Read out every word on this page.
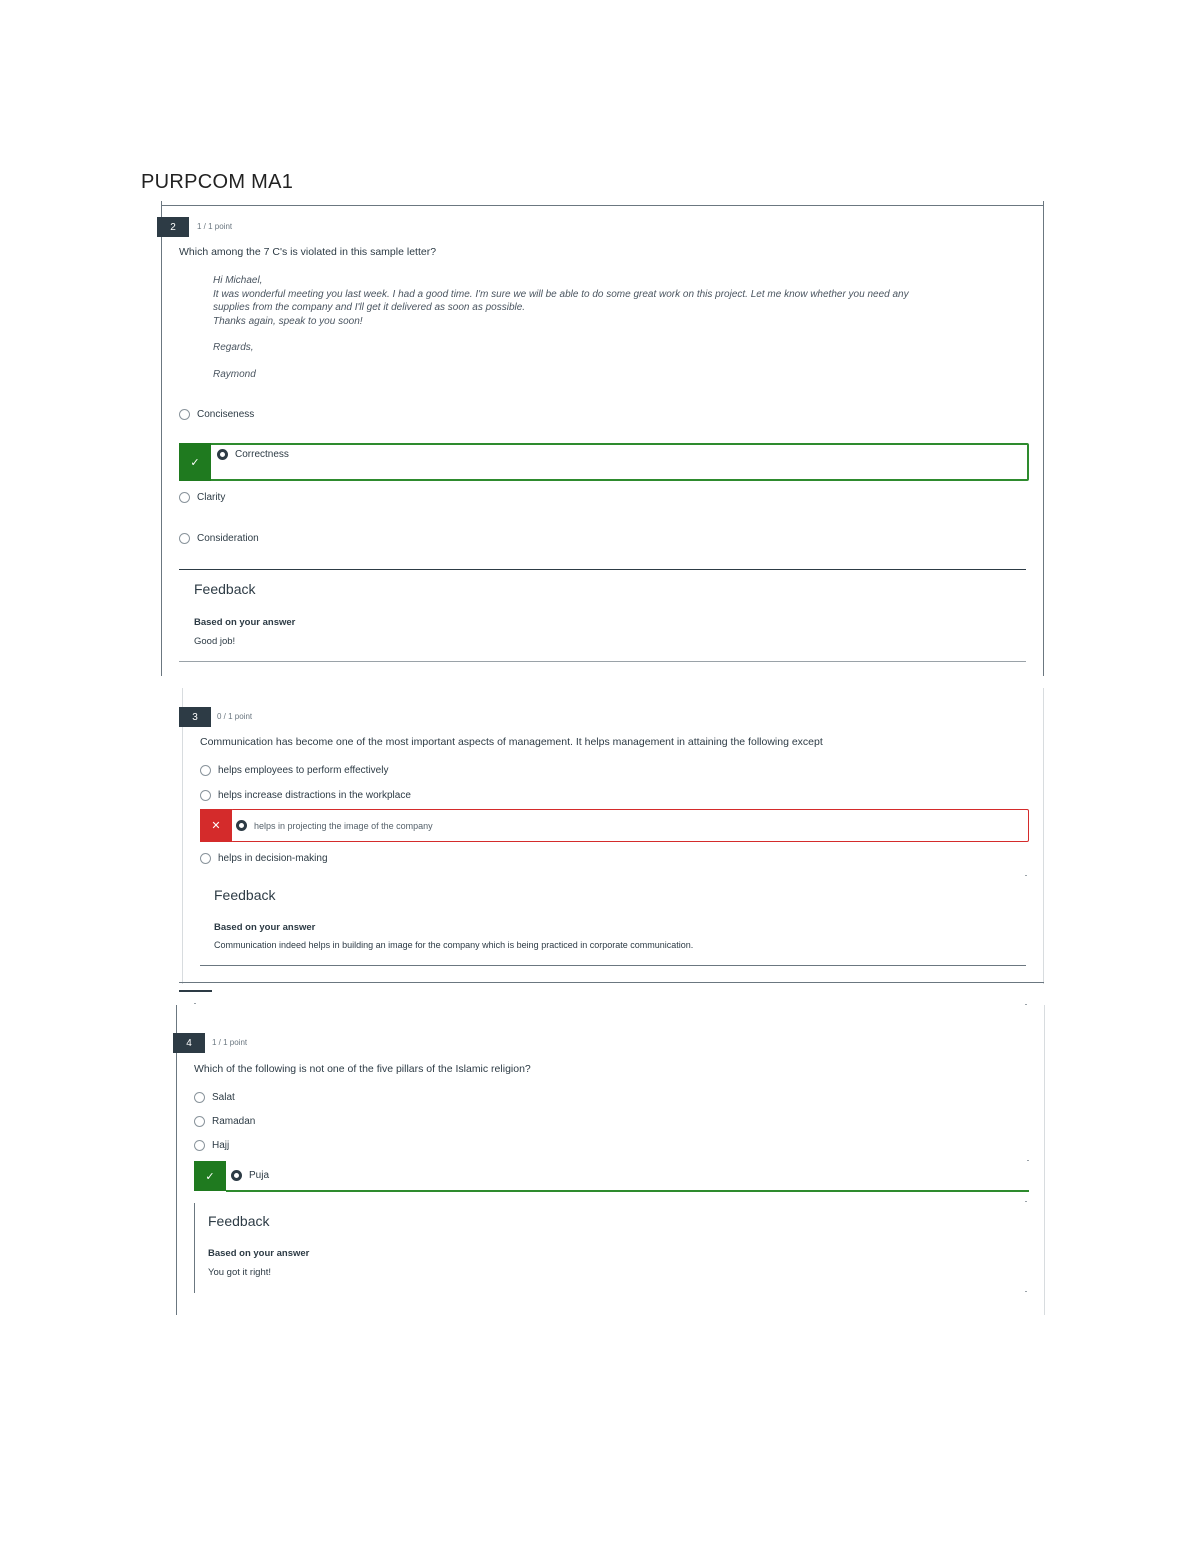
PURPCOM MA1
2	1 / 1 point
Which among the 7 C's is violated in this sample letter?

Hi Michael,

It was wonderful meeting you last week. I had a good time. I'm sure we will be able to do some great work on this project. Let me know whether you need any

supplies from the company and I'll get it delivered as soon as possible.

Thanks again, speak to you soon!

Regards,

Raymond

Conciseness
✓
Correctness
Clarity
Consideration
Feedback
Based on your answer
Good job!
3	0 / 1 point
Communication has become one of the most important aspects of management. It helps management in attaining the following except
helps employees to perform effectively
helps increase distractions in the workplace
✕	helps in projecting the image of the company
helps in decision-making
Feedback
Based on your answer
Communication indeed helps in building an image for the company which is being practiced in corporate communication.
4	1 / 1 point
Which of the following is not one of the five pillars of the Islamic religion?
Salat
Ramadan
Hajj
✓	Puja
Feedback
Based on your answer
You got it right!
